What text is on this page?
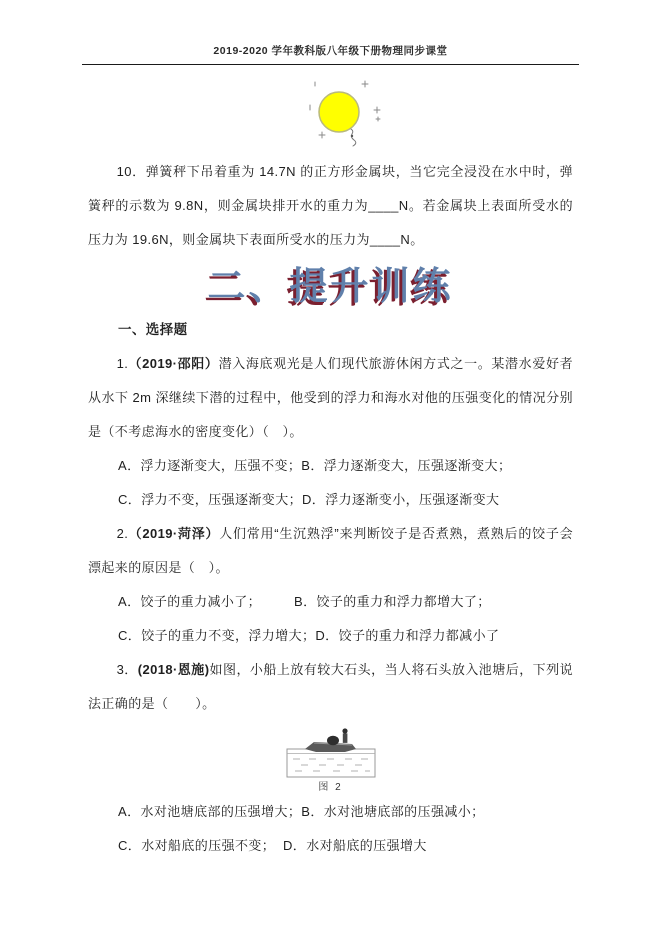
2019-2020 学年教科版八年级下册物理同步课堂

10．弹簧秤下吊着重为 14.7N 的正方形金属块，当它完全浸没在水中时，弹簧秤的示数为 9.8N，则金属块排开水的重力为____N。若金属块上表面所受水的压力为 19.6N，则金属块下表面所受水的压力为____N。

二、提升训练
一、选择题

1.（2019·邵阳）潜入海底观光是人们现代旅游休闲方式之一。某潜水爱好者从水下 2m 深继续下潜的过程中，他受到的浮力和海水对他的压强变化的情况分别是（不考虑海水的密度变化）（　）。

A．浮力逐渐变大，压强不变；B．浮力逐渐变大，压强逐渐变大；

C．浮力不变，压强逐渐变大；D．浮力逐渐变小，压强逐渐变大

2.（2019·菏泽）人们常用“生沉熟浮”来判断饺子是否煮熟，煮熟后的饺子会漂起来的原因是（　）。

A．饺子的重力减小了；	B．饺子的重力和浮力都增大了；

C．饺子的重力不变，浮力增大；D．饺子的重力和浮力都减小了

3．(2018·恩施)如图，小船上放有较大石头，当人将石头放入池塘后，下列说法正确的是（　　）。

图 2

A．水对池塘底部的压强增大；B．水对池塘底部的压强减小；

C．水对船底的压强不变； D．水对船底的压强增大
